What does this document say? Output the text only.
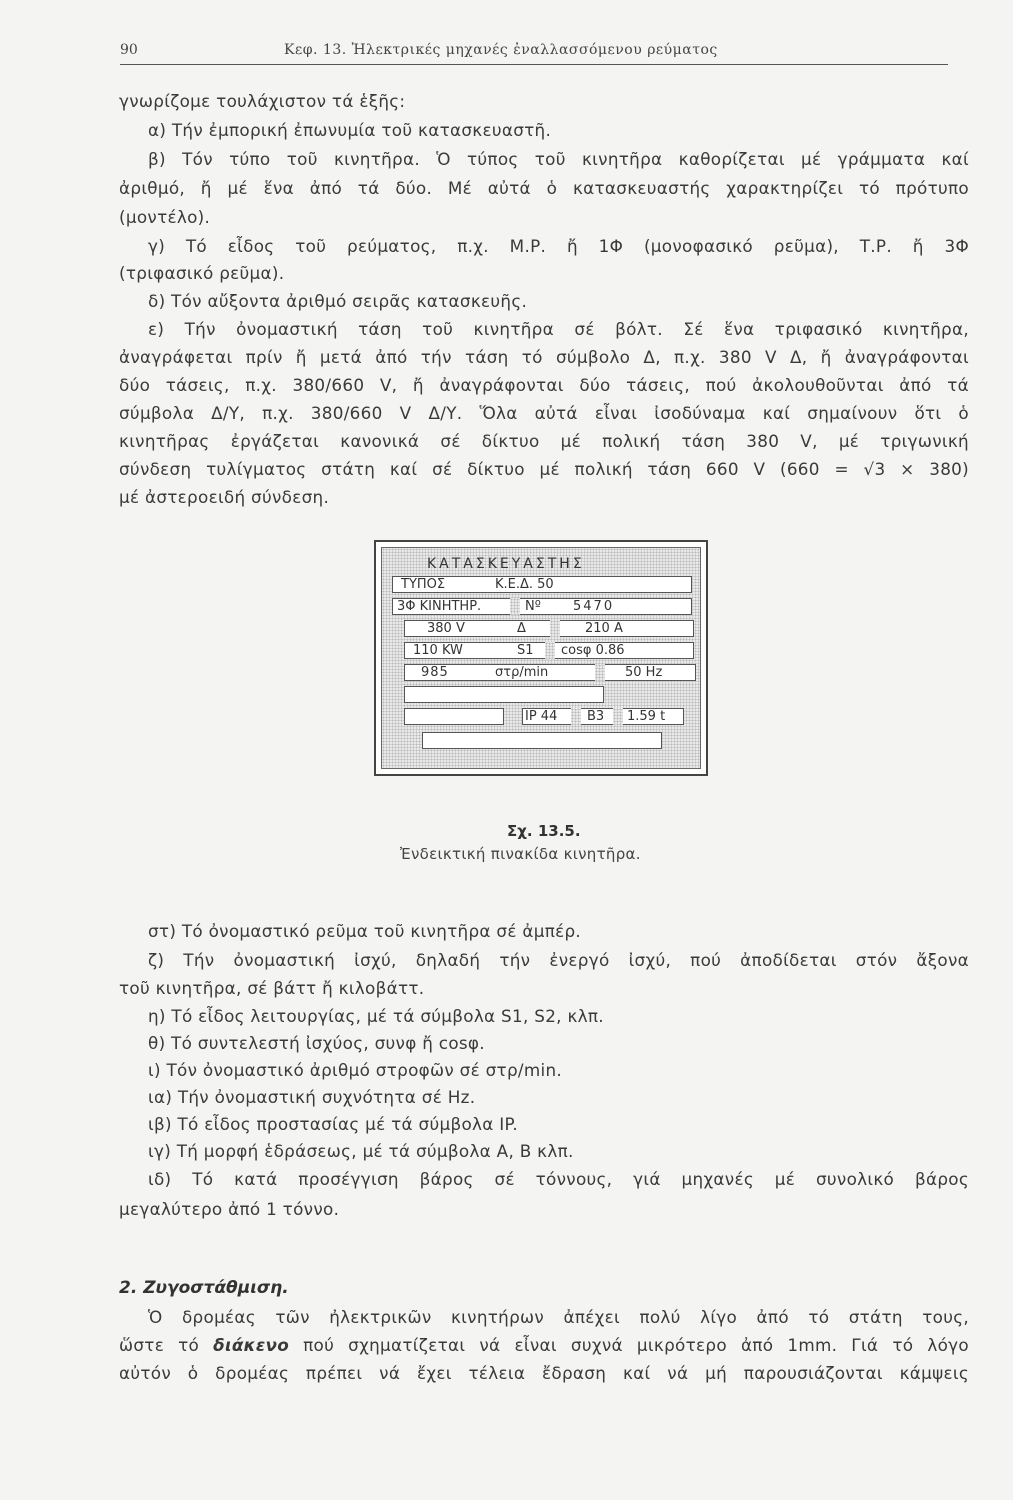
90	Κεφ. 13. Ἠλεκτρικές μηχανές ἐναλλασσόμενου ρεύματος
γνωρίζομε τουλάχιστον τά ἑξῆς:
α) Τήν ἐμπορική ἐπωνυμία τοῦ κατασκευαστῆ.
β) Τόν τύπο τοῦ κινητῆρα. Ὁ τύπος τοῦ κινητῆρα καθορίζεται μέ γράμματα καί
ἀριθμό, ἤ μέ ἕνα ἀπό τά δύο. Μέ αὐτά ὁ κατασκευαστής χαρακτηρίζει τό πρότυπο
(μοντέλο).
γ) Τό εἶδος τοῦ ρεύματος, π.χ. Μ.Ρ. ἤ 1Φ (μονοφασικό ρεῦμα), Τ.Ρ. ἤ 3Φ
(τριφασικό ρεῦμα).
δ) Τόν αὔξοντα ἀριθμό σειρᾶς κατασκευῆς.
ε) Τήν ὀνομαστική τάση τοῦ κινητῆρα σέ βόλτ. Σέ ἕνα τριφασικό κινητῆρα,
ἀναγράφεται πρίν ἤ μετά ἀπό τήν τάση τό σύμβολο Δ, π.χ. 380 V Δ, ἤ ἀναγράφονται
δύο τάσεις, π.χ. 380/660 V, ἤ ἀναγράφονται δύο τάσεις, πού ἀκολουθοῦνται ἀπό τά
σύμβολα Δ/Υ, π.χ. 380/660 V Δ/Υ. Ὅλα αὐτά εἶναι ἰσοδύναμα καί σημαίνουν ὅτι ὁ
κινητῆρας ἐργάζεται κανονικά σέ δίκτυο μέ πολική τάση 380 V, μέ τριγωνική
σύνδεση τυλίγματος στάτη καί σέ δίκτυο μέ πολική τάση 660 V (660 = √3 × 380)
μέ ἀστεροειδή σύνδεση.
ΚΑΤΑΣΚΕΥΑΣΤΗΣ
ΤΥΠΟΣ	Κ.Ε.Δ. 50
3Φ ΚΙΝΗΤΗΡ.	Nº 5470
380 V	Δ	210 A
110 KW	S1 cosφ 0.86
985	στρ/min	50 Hz
IP 44 B3 1.59 t
Σχ. 13.5.
Ἐνδεικτική πινακίδα κινητῆρα.
στ) Τό ὀνομαστικό ρεῦμα τοῦ κινητῆρα σέ ἀμπέρ.
ζ) Τήν ὀνομαστική ἰσχύ, δηλαδή τήν ἐνεργό ἰσχύ, πού ἀποδίδεται στόν ἄξονα
τοῦ κινητῆρα, σέ βάττ ἤ κιλοβάττ.
η) Τό εἶδος λειτουργίας, μέ τά σύμβολα S1, S2, κλπ.
θ) Τό συντελεστή ἰσχύος, συνφ ἤ cosφ.
ι) Τόν ὀνομαστικό ἀριθμό στροφῶν σέ στρ/min.
ια) Τήν ὀνομαστική συχνότητα σέ Hz.
ιβ) Τό εἶδος προστασίας μέ τά σύμβολα IP.
ιγ) Τή μορφή ἑδράσεως, μέ τά σύμβολα Α, Β κλπ.
ιδ) Τό κατά προσέγγιση βάρος σέ τόννους, γιά μηχανές μέ συνολικό βάρος
μεγαλύτερο ἀπό 1 τόννο.
2. Ζυγοστάθμιση.
Ὁ δρομέας τῶν ἠλεκτρικῶν κινητήρων ἀπέχει πολύ λίγο ἀπό τό στάτη τους,
ὥστε τό διάκενο πού σχηματίζεται νά εἶναι συχνά μικρότερο ἀπό 1mm. Γιά τό λόγο
αὐτόν ὁ δρομέας πρέπει νά ἔχει τέλεια ἔδραση καί νά μή παρουσιάζονται κάμψεις
